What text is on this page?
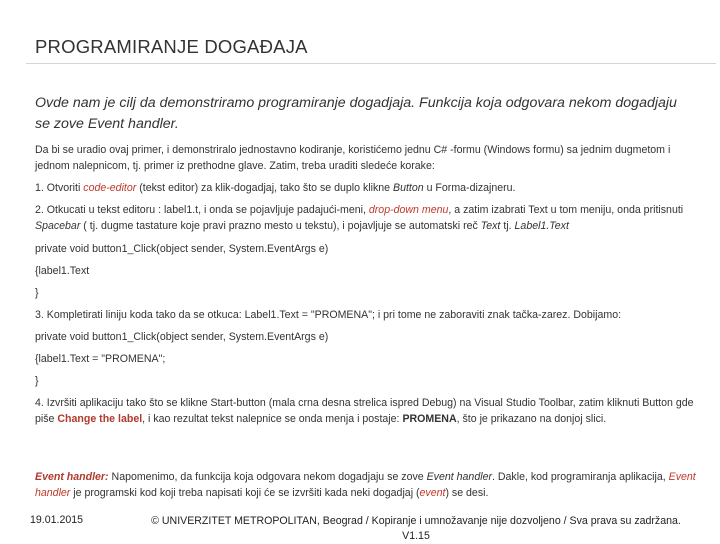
PROGRAMIRANJE DOGAĐAJA
Ovde nam je cilj da demonstriramo programiranje dogadjaja. Funkcija koja odgovara nekom dogadjaju se zove Event handler.
Da bi se uradio ovaj primer, i demonstriralo jednostavno kodiranje, koristićemo jednu C# -formu (Windows formu) sa jednim dugmetom i jednom nalepnicom, tj. primer iz prethodne glave. Zatim, treba uraditi sledeće korake:
1. Otvoriti code-editor (tekst editor) za klik-dogadjaj, tako što se duplo klikne Button u Forma-dizajneru.
2. Otkucati u tekst editoru : label1.t, i onda se pojavljuje padajući-meni, drop-down menu, a zatim izabrati Text u tom meniju, onda pritisnuti Spacebar ( tj. dugme tastature koje pravi prazno mesto u tekstu), i pojavljuje se automatski reč Text tj. Label1.Text
private void button1_Click(object sender, System.EventArgs e)
{label1.Text
}
3. Kompletirati liniju koda tako da se otkuca: Label1.Text = "PROMENA"; i pri tome ne zaboraviti znak tačka-zarez. Dobijamo:
private void button1_Click(object sender, System.EventArgs e)
{label1.Text = "PROMENA";
}
4. Izvršiti aplikaciju tako što se klikne Start-button (mala crna desna strelica ispred Debug) na Visual Studio Toolbar, zatim kliknuti Button gde piše Change the label, i kao rezultat tekst nalepnice se onda menja i postaje: PROMENA, što je prikazano na donjoj slici.
Event handler: Napomenimo, da funkcija koja odgovara nekom dogadjaju se zove Event handler. Dakle, kod programiranja aplikacija, Event handler je programski kod koji treba napisati koji će se izvršiti kada neki dogadjaj (event) se desi.
19.01.2015	© UNIVERZITET METROPOLITAN, Beograd / Kopiranje i umnožavanje nije dozvoljeno / Sva prava su zadržana. V1.15
